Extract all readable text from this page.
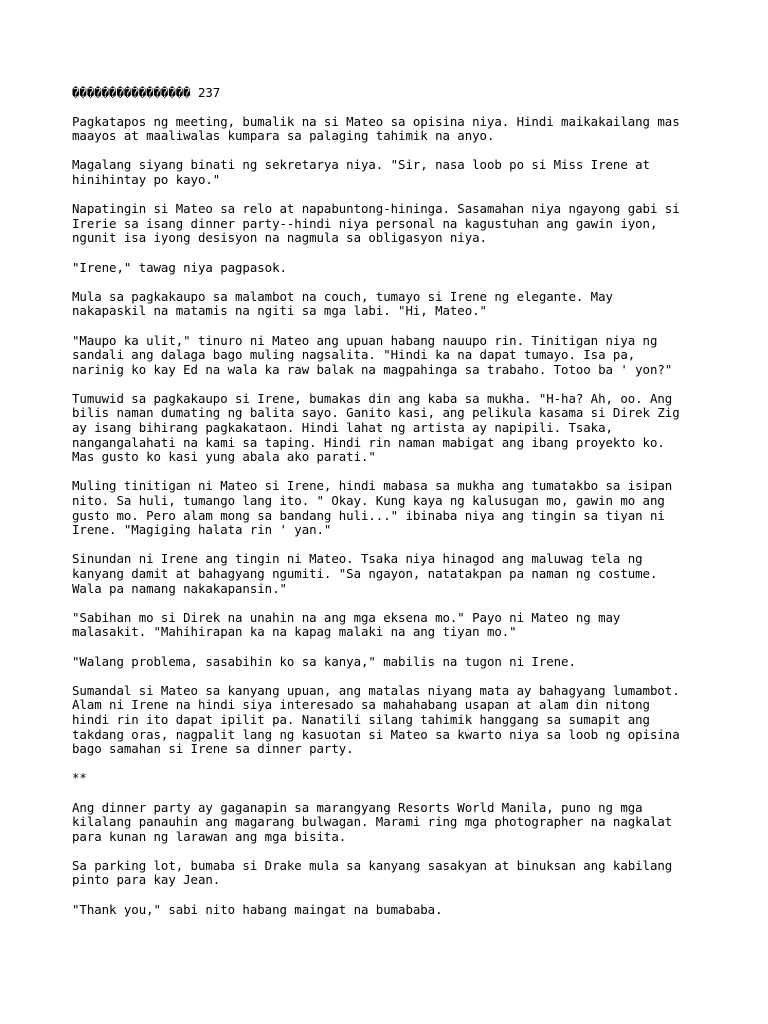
���������������� 237

Pagkatapos ng meeting, bumalik na si Mateo sa opisina niya. Hindi maikakailang mas
maayos at maaliwalas kumpara sa palaging tahimik na anyo.

Magalang siyang binati ng sekretarya niya. "Sir, nasa loob po si Miss Irene at
hinihintay po kayo."

Napatingin si Mateo sa relo at napabuntong-hininga. Sasamahan niya ngayong gabi si
Irerie sa isang dinner party--hindi niya personal na kagustuhan ang gawin iyon,
ngunit isa iyong desisyon na nagmula sa obligasyon niya.

"Irene," tawag niya pagpasok.

Mula sa pagkakaupo sa malambot na couch, tumayo si Irene ng elegante. May
nakapaskil na matamis na ngiti sa mga labi. "Hi, Mateo."

"Maupo ka ulit," tinuro ni Mateo ang upuan habang nauupo rin. Tinitigan niya ng
sandali ang dalaga bago muling nagsalita. "Hindi ka na dapat tumayo. Isa pa,
narinig ko kay Ed na wala ka raw balak na magpahinga sa trabaho. Totoo ba ' yon?"

Tumuwid sa pagkakaupo si Irene, bumakas din ang kaba sa mukha. "H-ha? Ah, oo. Ang
bilis naman dumating ng balita sayo. Ganito kasi, ang pelikula kasama si Direk Zig
ay isang bihirang pagkakataon. Hindi lahat ng artista ay napipili. Tsaka,
nangangalahati na kami sa taping. Hindi rin naman mabigat ang ibang proyekto ko.
Mas gusto ko kasi yung abala ako parati."

Muling tinitigan ni Mateo si Irene, hindi mabasa sa mukha ang tumatakbo sa isipan
nito. Sa huli, tumango lang ito. " Okay. Kung kaya ng kalusugan mo, gawin mo ang
gusto mo. Pero alam mong sa bandang huli..." ibinaba niya ang tingin sa tiyan ni
Irene. "Magiging halata rin ' yan."

Sinundan ni Irene ang tingin ni Mateo. Tsaka niya hinagod ang maluwag tela ng
kanyang damit at bahagyang ngumiti. "Sa ngayon, natatakpan pa naman ng costume.
Wala pa namang nakakapansin."

"Sabihan mo si Direk na unahin na ang mga eksena mo." Payo ni Mateo ng may
malasakit. "Mahihirapan ka na kapag malaki na ang tiyan mo."

"Walang problema, sasabihin ko sa kanya," mabilis na tugon ni Irene.

Sumandal si Mateo sa kanyang upuan, ang matalas niyang mata ay bahagyang lumambot.
Alam ni Irene na hindi siya interesado sa mahahabang usapan at alam din nitong
hindi rin ito dapat ipilit pa. Nanatili silang tahimik hanggang sa sumapit ang
takdang oras, nagpalit lang ng kasuotan si Mateo sa kwarto niya sa loob ng opisina
bago samahan si Irene sa dinner party.

**

Ang dinner party ay gaganapin sa marangyang Resorts World Manila, puno ng mga
kilalang panauhin ang magarang bulwagan. Marami ring mga photographer na nagkalat
para kunan ng larawan ang mga bisita.

Sa parking lot, bumaba si Drake mula sa kanyang sasakyan at binuksan ang kabilang
pinto para kay Jean.

"Thank you," sabi nito habang maingat na bumababa.
